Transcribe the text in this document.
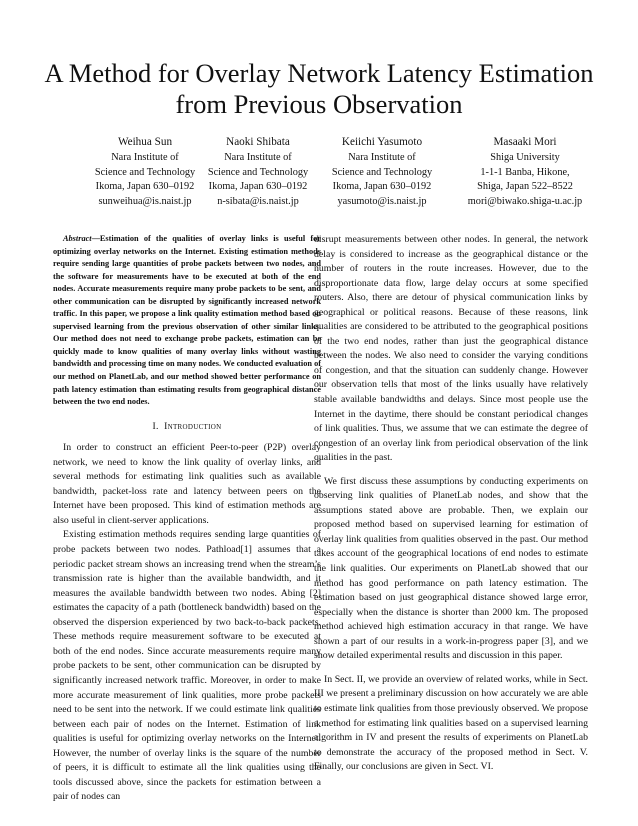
A Method for Overlay Network Latency Estimation from Previous Observation
Weihua Sun
Nara Institute of
Science and Technology
Ikoma, Japan 630–0192
sunweihua@is.naist.jp
Naoki Shibata
Nara Institute of
Science and Technology
Ikoma, Japan 630–0192
n-sibata@is.naist.jp
Keiichi Yasumoto
Nara Institute of
Science and Technology
Ikoma, Japan 630–0192
yasumoto@is.naist.jp
Masaaki Mori
Shiga University
1-1-1 Banba, Hikone,
Shiga, Japan 522–8522
mori@biwako.shiga-u.ac.jp

Abstract—Estimation of the qualities of overlay links is useful for optimizing overlay networks on the Internet. Existing estimation methods require sending large quantities of probe packets between two nodes, and the software for measurements have to be executed at both of the end nodes. Accurate measurements require many probe packets to be sent, and other communication can be disrupted by significantly increased network traffic. In this paper, we propose a link quality estimation method based on supervised learning from the previous observation of other similar links. Our method does not need to exchange probe packets, estimation can be quickly made to know qualities of many overlay links without wasting bandwidth and processing time on many nodes. We conducted evaluation of our method on PlanetLab, and our method showed better performance on path latency estimation than estimating results from geographical distance between the two end nodes.

I. Introduction

In order to construct an efficient Peer-to-peer (P2P) overlay network, we need to know the link quality of overlay links, and several methods for estimating link qualities such as available bandwidth, packet-loss rate and latency between peers on the Internet have been proposed. This kind of estimation methods are also useful in client-server applications.

Existing estimation methods requires sending large quantities of probe packets between two nodes. Pathload[1] assumes that a periodic packet stream shows an increasing trend when the stream’s transmission rate is higher than the available bandwidth, and it measures the available bandwidth between two nodes. Abing [2] estimates the capacity of a path (bottleneck bandwidth) based on the observed the dispersion experienced by two back-to-back packets. These methods require measurement software to be executed at both of the end nodes. Since accurate measurements require many probe packets to be sent, other communication can be disrupted by significantly increased network traffic. Moreover, in order to make more accurate measurement of link qualities, more probe packets need to be sent into the network. If we could estimate link qualities between each pair of nodes on the Internet. Estimation of link qualities is useful for optimizing overlay networks on the Internet. However, the number of overlay links is the square of the number of peers, it is difficult to estimate all the link qualities using the tools discussed above, since the packets for estimation between a pair of nodes can

disrupt measurements between other nodes. In general, the network delay is considered to increase as the geographical distance or the number of routers in the route increases. However, due to the disproportionate data flow, large delay occurs at some specified routers. Also, there are detour of physical communication links by geographical or political reasons. Because of these reasons, link qualities are considered to be attributed to the geographical positions of the two end nodes, rather than just the geographical distance between the nodes. We also need to consider the varying conditions of congestion, and that the situation can suddenly change. However our observation tells that most of the links usually have relatively stable available bandwidths and delays. Since most people use the Internet in the daytime, there should be constant periodical changes of link qualities. Thus, we assume that we can estimate the degree of congestion of an overlay link from periodical observation of the link qualities in the past.

We first discuss these assumptions by conducting experiments on observing link qualities of PlanetLab nodes, and show that the assumptions stated above are probable. Then, we explain our proposed method based on supervised learning for estimation of overlay link qualities from qualities observed in the past. Our method takes account of the geographical locations of end nodes to estimate the link qualities. Our experiments on PlanetLab showed that our method has good performance on path latency estimation. The estimation based on just geographical distance showed large error, especially when the distance is shorter than 2000 km. The proposed method achieved high estimation accuracy in that range. We have shown a part of our results in a work-in-progress paper [3], and we show detailed experimental results and discussion in this paper.

In Sect. II, we provide an overview of related works, while in Sect. III we present a preliminary discussion on how accurately we are able to estimate link qualities from those previously observed. We propose a method for estimating link qualities based on a supervised learning algorithm in IV and present the results of experiments on PlanetLab to demonstrate the accuracy of the proposed method in Sect. V. Finally, our conclusions are given in Sect. VI.
